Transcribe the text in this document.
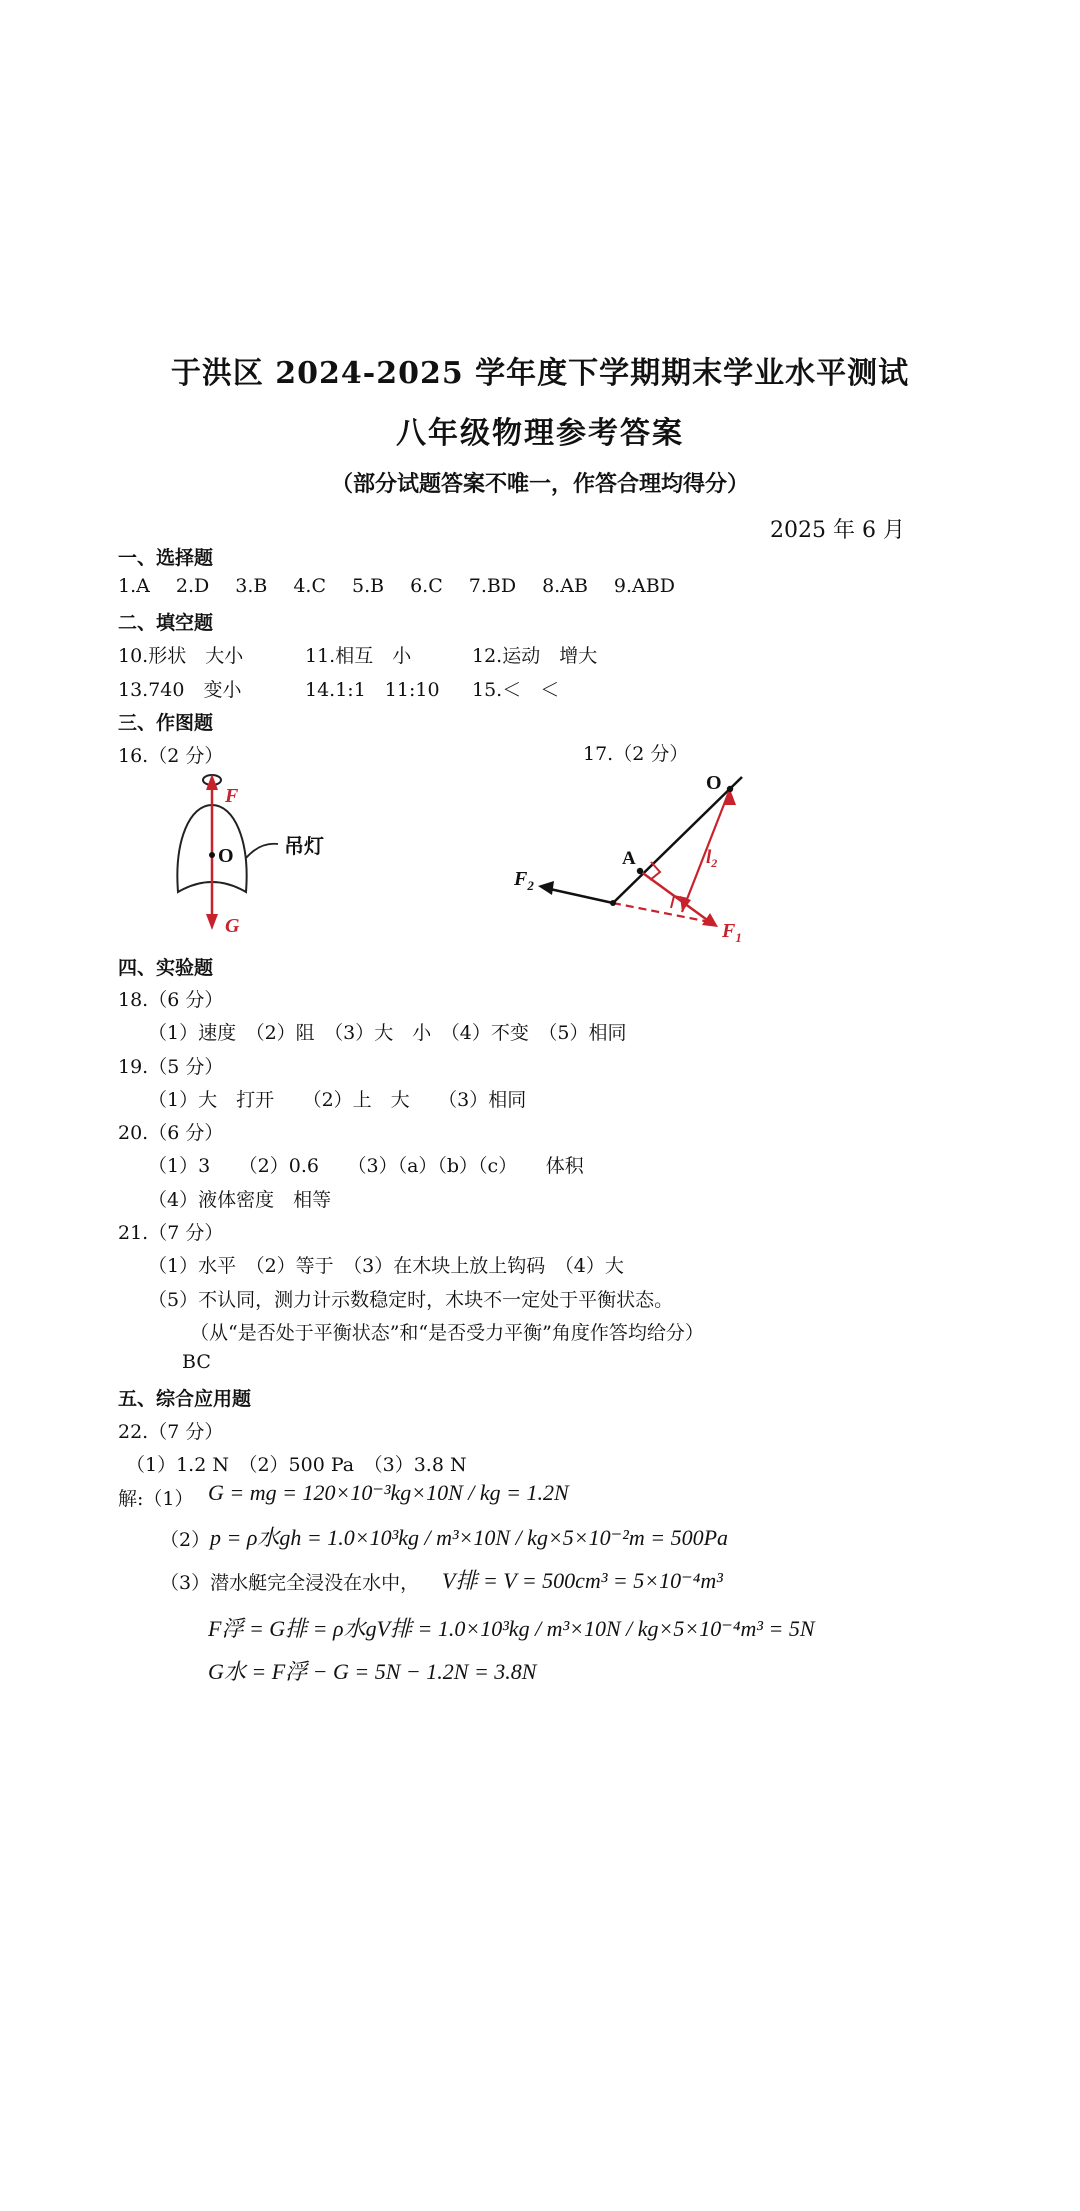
于洪区 2024-2025 学年度下学期期末学业水平测试
八年级物理参考答案
（部分试题答案不唯一，作答合理均得分）
2025 年 6 月
一、选择题
1.A 2.D 3.B 4.C 5.B 6.C 7.BD 8.AB 9.ABD
二、填空题
10.形状　大小	11.相互　小	12.运动　增大
13.740　变小	14.1:1　11:10 15.＜　＜
三、作图题
16.（2 分）	17.（2 分）
F
G
O	吊灯
O
A	$l_2$
$F_2$
$F_1$
四、实验题
18.（6 分）
（1）速度　（2）阻　（3）大　小　（4）不变　（5）相同
19.（5 分）
（1）大　打开　　（2）上　大　　（3）相同
20.（6 分）
（1）3　　（2）0.6　　（3）（a）（b）（c）　　体积
（4）液体密度　相等
21.（7 分）
（1）水平　（2）等于　（3）在木块上放上钩码　（4）大
（5）不认同，测力计示数稳定时，木块不一定处于平衡状态。
（从“是否处于平衡状态”和“是否受力平衡”角度作答均给分）
BC
五、综合应用题
22.（7 分）
（1）1.2 N　（2）500 Pa　（3）3.8 N
解:（1） G = mg = 120×10⁻³kg×10N / kg = 1.2N
（2） p = ρ水gh = 1.0×10³kg / m³×10N / kg×5×10⁻²m = 500Pa
（3）潜水艇完全浸没在水中， V排 = V = 500cm³ = 5×10⁻⁴m³
F浮 = G排 = ρ水gV排 = 1.0×10³kg / m³×10N / kg×5×10⁻⁴m³ = 5N
G水 = F浮 − G = 5N − 1.2N = 3.8N
